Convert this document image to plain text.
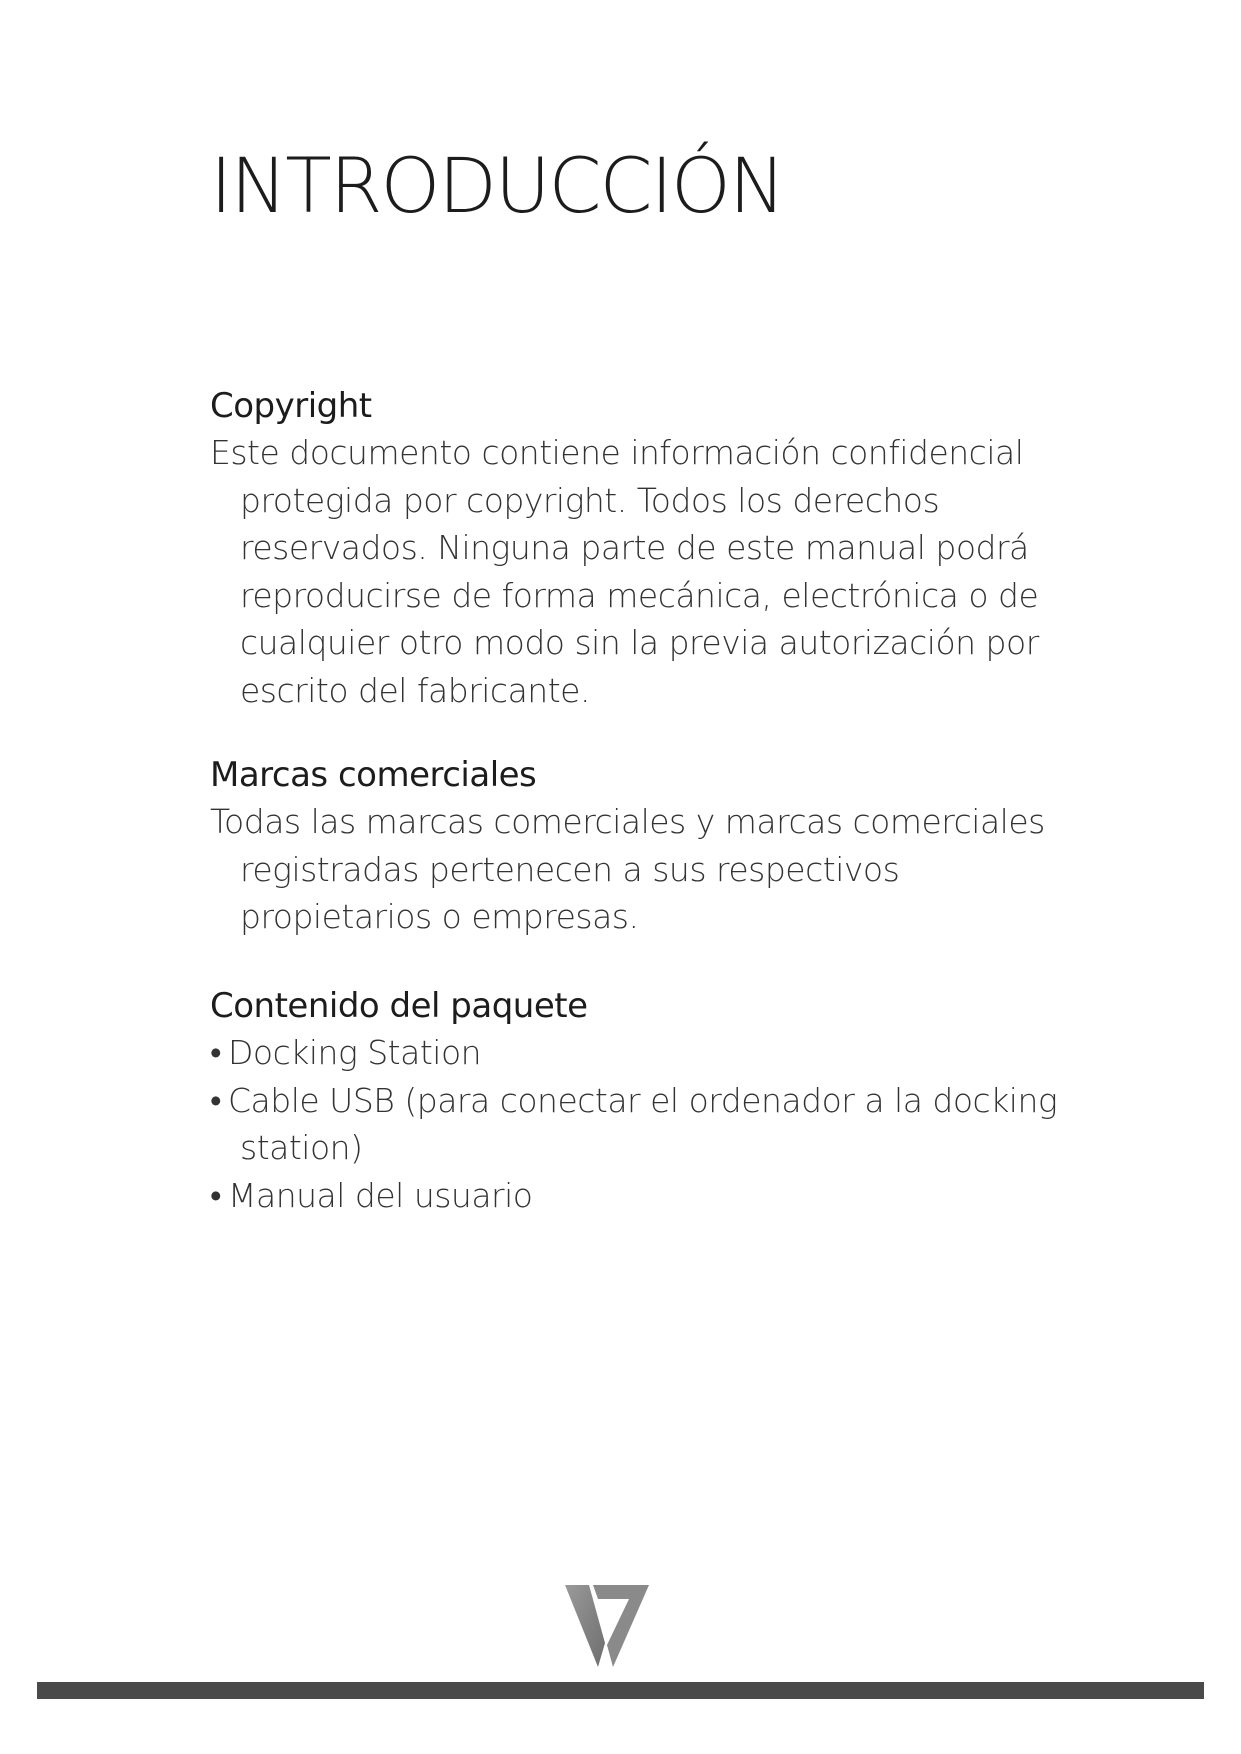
INTRODUCCIÓN
Copyright

Este documento contiene información confidencial protegida por copyright. Todos los derechos reservados. Ninguna parte de este manual podrá reproducirse de forma mecánica, electrónica o de cualquier otro modo sin la previa autorización por escrito del fabricante.

Marcas comerciales

Todas las marcas comerciales y marcas comerciales registradas pertenecen a sus respectivos propietarios o empresas.

Contenido del paquete
• Docking Station
• Cable USB (para conectar el ordenador a la docking station)
• Manual del usuario
